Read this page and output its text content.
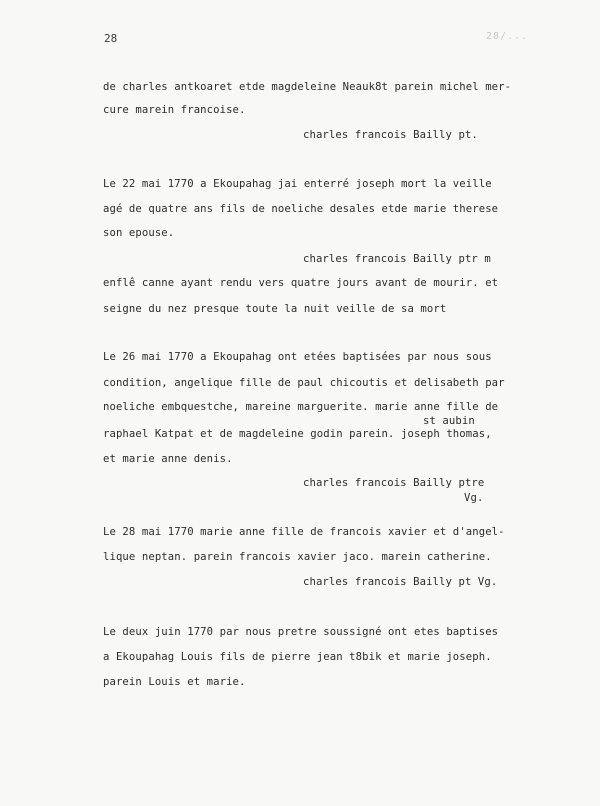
28	28/...
de charles antkoaret etde magdeleine Neauk8t parein michel mer-
cure marein francoise.
charles francois Bailly pt.
Le 22 mai 1770 a Ekoupahag jai enterré joseph mort la veille
agé de quatre ans fils de noeliche desales etde marie therese
son epouse.
charles francois Bailly ptr m
enflê canne ayant rendu vers quatre jours avant de mourir. et
seigne du nez presque toute la nuit veille de sa mort
Le 26 mai 1770 a Ekoupahag ont etées baptisées par nous sous
condition, angelique fille de paul chicoutis et delisabeth par
noeliche embquestche, mareine marguerite. marie anne fille de
st aubin
raphael Katpat et de magdeleine godin parein. joseph thomas,
et marie anne denis.
charles francois Bailly ptre
Vg.
Le 28 mai 1770 marie anne fille de francois xavier et d'angel-
lique neptan. parein francois xavier jaco. marein catherine.
charles francois Bailly pt Vg.
Le deux juin 1770 par nous pretre soussigné ont etes baptises
a Ekoupahag Louis fils de pierre jean t8bik et marie joseph.
parein Louis et marie.
